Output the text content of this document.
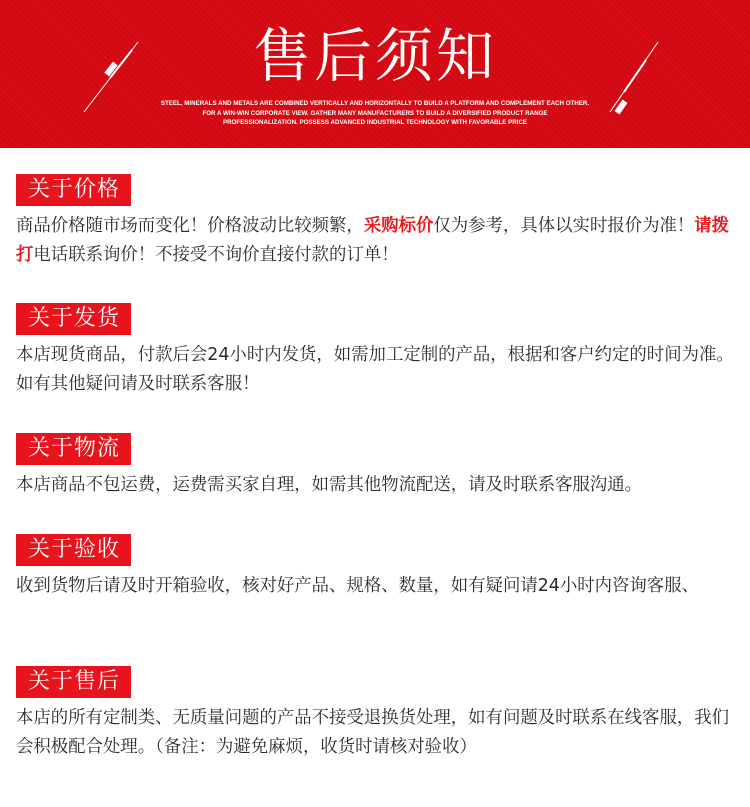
售后须知
STEEL, MINERALS AND METALS ARE COMBINED VERTICALLY AND HORIZONTALLY TO BUILD A PLATFORM AND COMPLEMENT EACH OTHER.
FOR A WIN-WIN CORPORATE VIEW. GATHER MANY MANUFACTURERS TO BUILD A DIVERSIFIED PRODUCT RANGE
PROFESSIONALIZATION. POSSESS ADVANCED INDUSTRIAL TECHNOLOGY WITH FAVORABLE PRICE
关于价格
商品价格随市场而变化！价格波动比较频繁，采购标价仅为参考，具体以实时报价为准！请拨打电话联系询价！不接受不询价直接付款的订单！
关于发货
本店现货商品，付款后会24小时内发货，如需加工定制的产品，根据和客户约定的时间为准。如有其他疑问请及时联系客服！
关于物流
本店商品不包运费，运费需买家自理，如需其他物流配送，请及时联系客服沟通。
关于验收
收到货物后请及时开箱验收，核对好产品、规格、数量，如有疑问请24小时内咨询客服、
关于售后
本店的所有定制类、无质量问题的产品不接受退换货处理，如有问题及时联系在线客服，我们会积极配合处理。（备注：为避免麻烦，收货时请核对验收）
